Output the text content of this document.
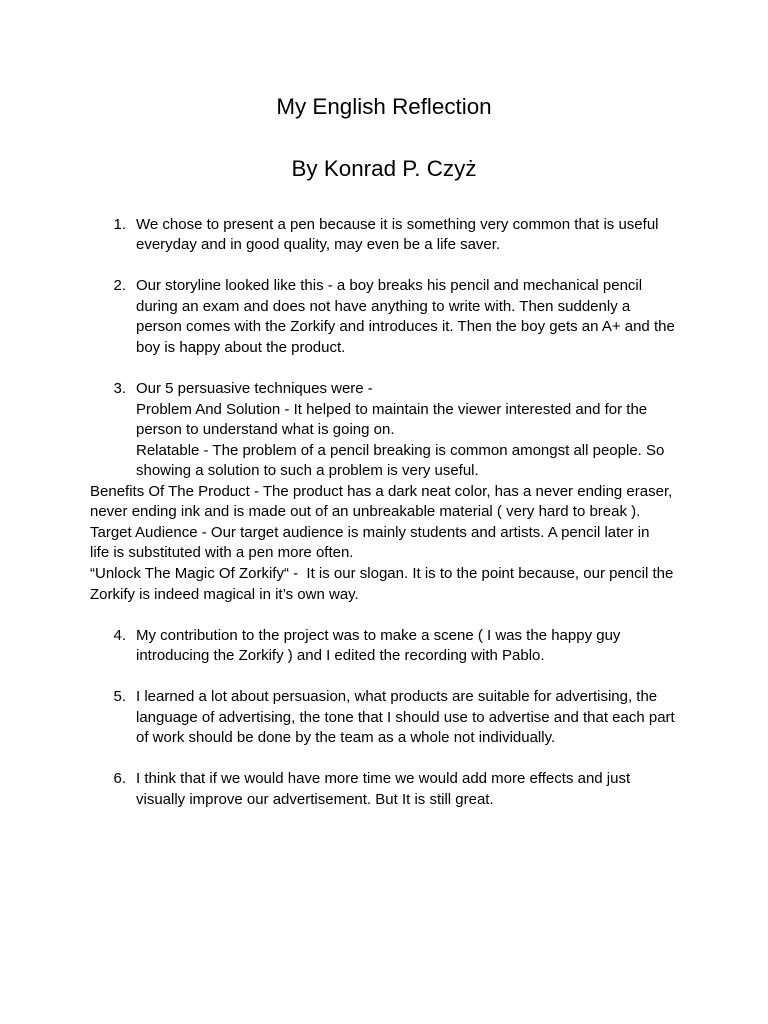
My English Reflection
By Konrad P. Czyż
1. We chose to present a pen because it is something very common that is useful
everyday and in good quality, may even be a life saver.
2. Our storyline looked like this - a boy breaks his pencil and mechanical pencil
during an exam and does not have anything to write with. Then suddenly a
person comes with the Zorkify and introduces it. Then the boy gets an A+ and the
boy is happy about the product.
3. Our 5 persuasive techniques were -
Problem And Solution - It helped to maintain the viewer interested and for the
person to understand what is going on.
Relatable - The problem of a pencil breaking is common amongst all people. So
showing a solution to such a problem is very useful.
Benefits Of The Product - The product has a dark neat color, has a never ending eraser,
never ending ink and is made out of an unbreakable material ( very hard to break ).
Target Audience - Our target audience is mainly students and artists. A pencil later in
life is substituted with a pen more often.
“Unlock The Magic Of Zorkify“ -  It is our slogan. It is to the point because, our pencil the
Zorkify is indeed magical in it’s own way.
4. My contribution to the project was to make a scene ( I was the happy guy
introducing the Zorkify ) and I edited the recording with Pablo.
5. I learned a lot about persuasion, what products are suitable for advertising, the
language of advertising, the tone that I should use to advertise and that each part
of work should be done by the team as a whole not individually.
6. I think that if we would have more time we would add more effects and just
visually improve our advertisement. But It is still great.
